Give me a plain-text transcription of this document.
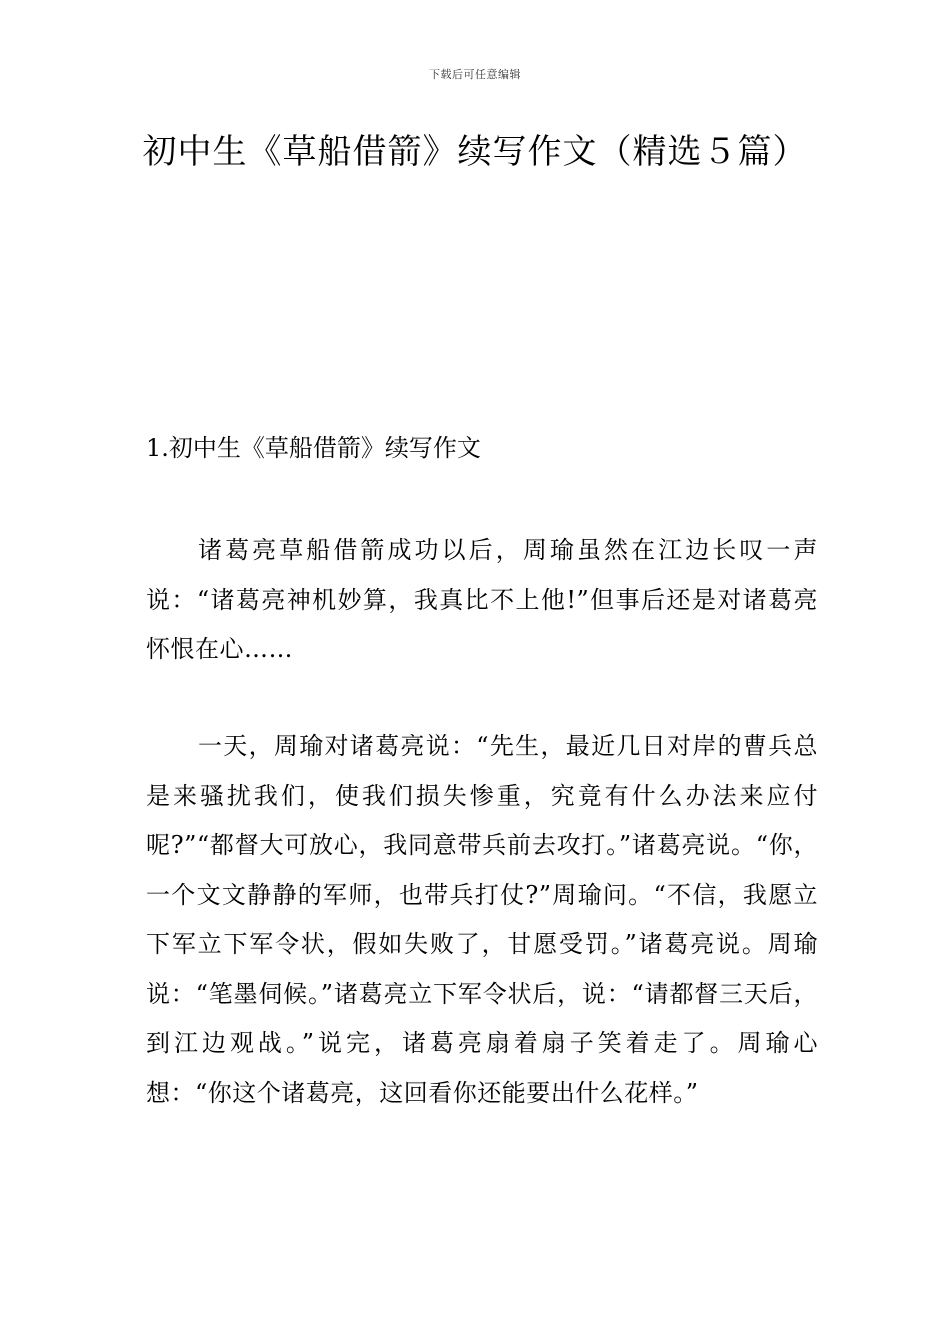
下载后可任意编辑
初中生《草船借箭》续写作文（精选５篇）
1.初中生《草船借箭》续写作文

诸葛亮草船借箭成功以后，周瑜虽然在江边长叹一声说：“诸葛亮神机妙算，我真比不上他!”但事后还是对诸葛亮怀恨在心……

一天，周瑜对诸葛亮说：“先生，最近几日对岸的曹兵总是来骚扰我们，使我们损失惨重，究竟有什么办法来应付呢?”“都督大可放心，我同意带兵前去攻打。”诸葛亮说。“你，一个文文静静的军师，也带兵打仗?”周瑜问。“不信，我愿立下军立下军令状，假如失败了，甘愿受罚。”诸葛亮说。周瑜说：“笔墨伺候。”诸葛亮立下军令状后，说：“请都督三天后，到江边观战。”说完，诸葛亮扇着扇子笑着走了。周瑜心想：“你这个诸葛亮，这回看你还能要出什么花样。”
